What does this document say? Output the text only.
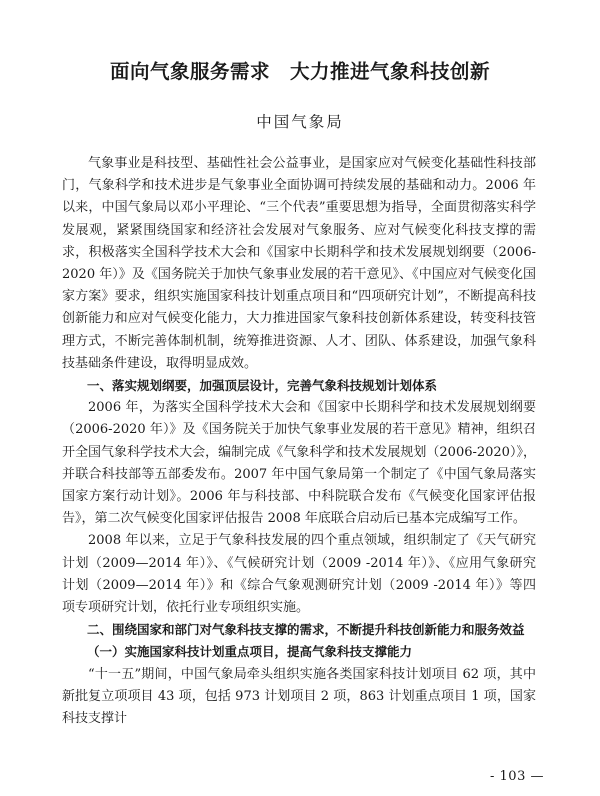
面向气象服务需求　大力推进气象科技创新
中国气象局

气象事业是科技型、基础性社会公益事业，是国家应对气候变化基础性科技部门，气象科学和技术进步是气象事业全面协调可持续发展的基础和动力。2006 年以来，中国气象局以邓小平理论、“三个代表”重要思想为指导，全面贯彻落实科学发展观，紧紧围绕国家和经济社会发展对气象服务、应对气候变化科技支撑的需求，积极落实全国科学技术大会和《国家中长期科学和技术发展规划纲要（2006-2020 年）》及《国务院关于加快气象事业发展的若干意见》、《中国应对气候变化国家方案》要求，组织实施国家科技计划重点项目和“四项研究计划”，不断提高科技创新能力和应对气候变化能力，大力推进国家气象科技创新体系建设，转变科技管理方式，不断完善体制机制，统筹推进资源、人才、团队、体系建设，加强气象科技基础条件建设，取得明显成效。

一、落实规划纲要，加强顶层设计，完善气象科技规划计划体系

2006 年，为落实全国科学技术大会和《国家中长期科学和技术发展规划纲要（2006-2020 年）》及《国务院关于加快气象事业发展的若干意见》精神，组织召开全国气象科学技术大会，编制完成《气象科学和技术发展规划（2006-2020）》，并联合科技部等五部委发布。2007 年中国气象局第一个制定了《中国气象局落实国家方案行动计划》。2006 年与科技部、中科院联合发布《气候变化国家评估报告》，第二次气候变化国家评估报告 2008 年底联合启动后已基本完成编写工作。

2008 年以来，立足于气象科技发展的四个重点领域，组织制定了《天气研究计划（2009—2014 年）》、《气候研究计划（2009 -2014 年）》、《应用气象研究计划（2009—2014 年）》和《综合气象观测研究计划（2009 -2014 年）》等四项专项研究计划，依托行业专项组织实施。

二、围绕国家和部门对气象科技支撑的需求，不断提升科技创新能力和服务效益

（一）实施国家科技计划重点项目，提高气象科技支撑能力

“十一五”期间，中国气象局牵头组织实施各类国家科技计划项目 62 项，其中新批复立项项目 43 项，包括 973 计划项目 2 项，863 计划重点项目 1 项，国家科技支撑计

- 103 —
